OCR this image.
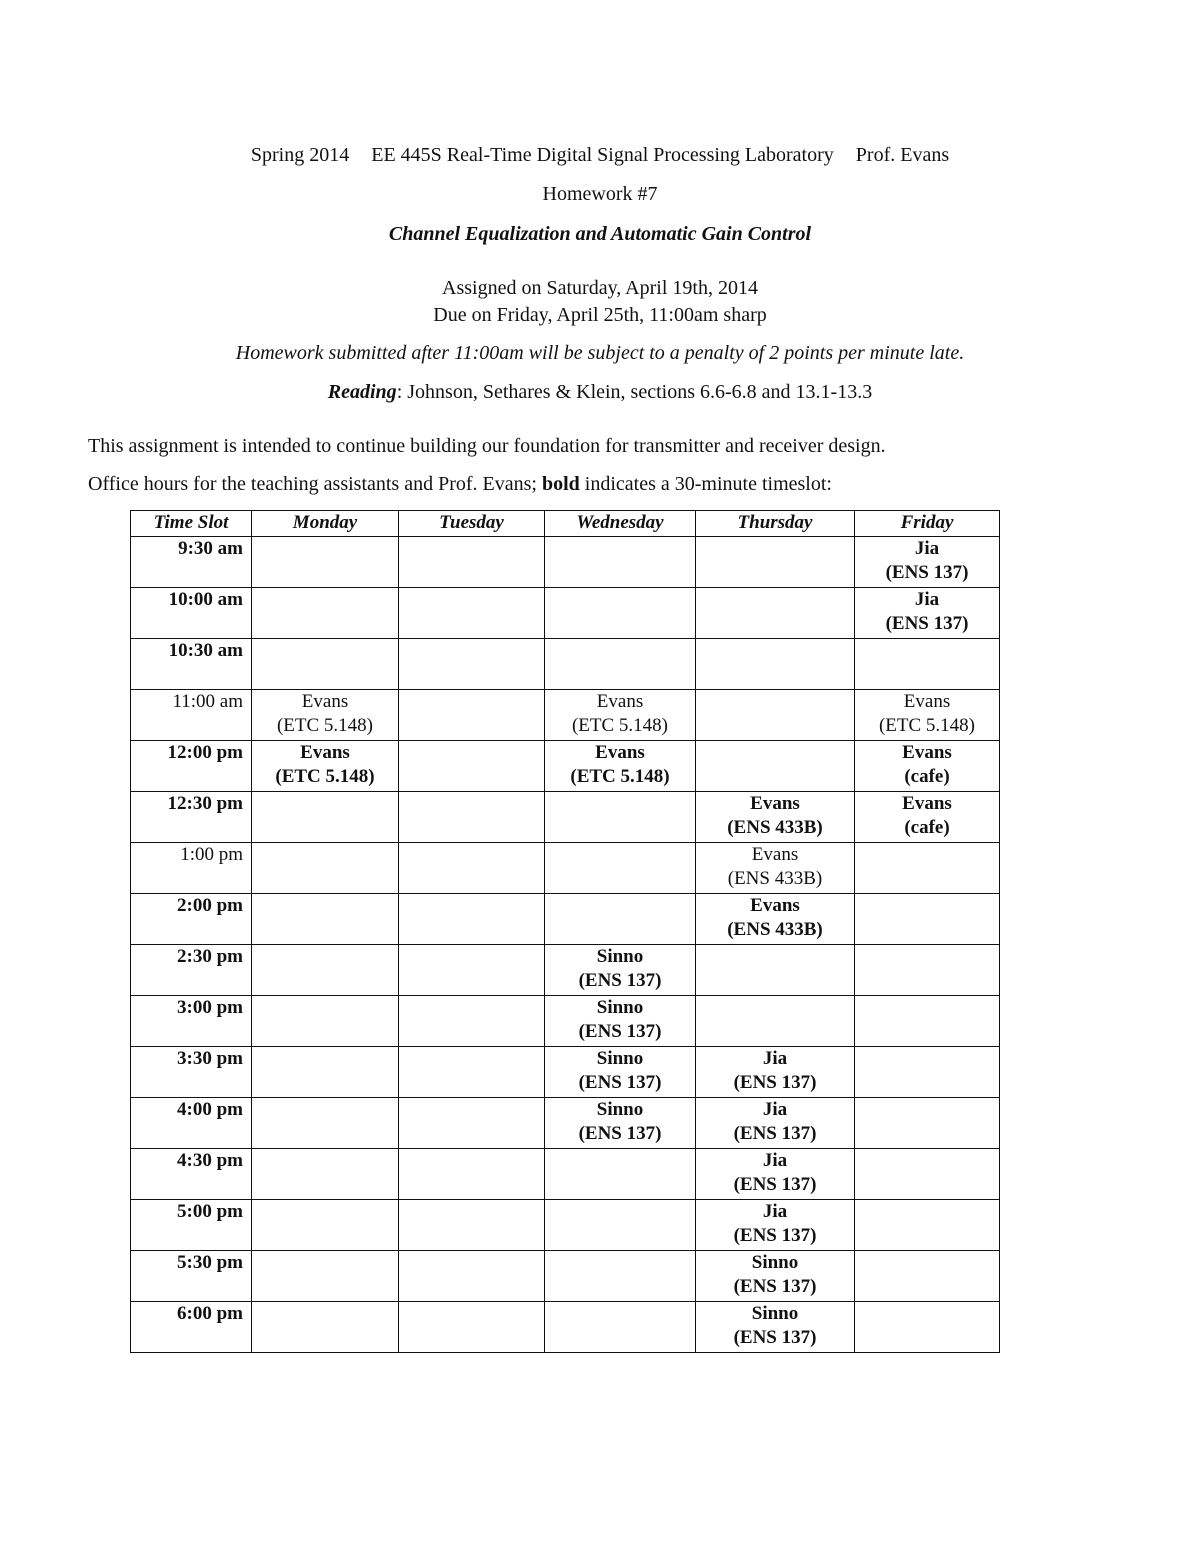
Spring 2014 EE 445S Real-Time Digital Signal Processing Laboratory Prof. Evans
Homework #7
Channel Equalization and Automatic Gain Control
Assigned on Saturday, April 19th, 2014
Due on Friday, April 25th, 11:00am sharp
Homework submitted after 11:00am will be subject to a penalty of 2 points per minute late.
Reading: Johnson, Sethares & Klein, sections 6.6-6.8 and 13.1-13.3
This assignment is intended to continue building our foundation for transmitter and receiver design.
Office hours for the teaching assistants and Prof. Evans; bold indicates a 30-minute timeslot:
Time Slot	Monday	Tuesday	Wednesday	Thursday	Friday
9:30 am					Jia
(ENS 137)

10:00 am					Jia
(ENS 137)

10:30 am					
11:00 am	Evans
(ETC 5.148)		Evans
(ETC 5.148)		Evans
(ETC 5.148)

12:00 pm	Evans
(ETC 5.148)		Evans
(ETC 5.148)		Evans
(cafe)

12:30 pm				Evans
(ENS 433B)	Evans
(cafe)

1:00 pm				Evans
(ENS 433B)	

2:00 pm				Evans
(ENS 433B)	

2:30 pm			Sinno
(ENS 137)		

3:00 pm			Sinno
(ENS 137)		

3:30 pm			Sinno
(ENS 137)	Jia
(ENS 137)	

4:00 pm			Sinno
(ENS 137)	Jia
(ENS 137)	

4:30 pm				Jia
(ENS 137)	

5:00 pm				Jia
(ENS 137)	

5:30 pm				Sinno
(ENS 137)	

6:00 pm				Sinno
(ENS 137)	
